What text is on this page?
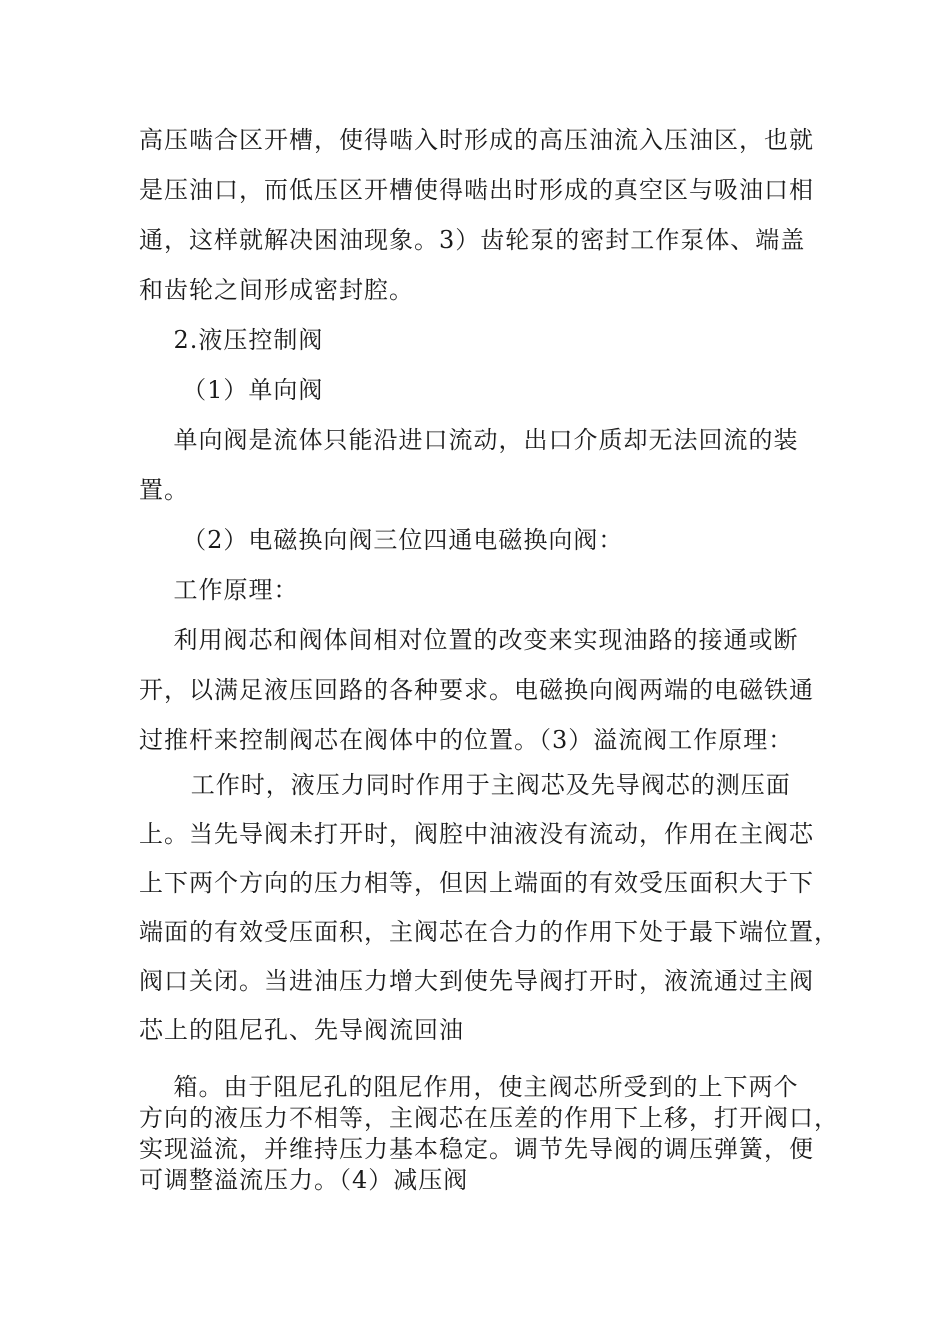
高压啮合区开槽，使得啮入时形成的高压油流入压油区，也就

是压油口，而低压区开槽使得啮出时形成的真空区与吸油口相

通，这样就解决困油现象。3）齿轮泵的密封工作泵体、端盖

和齿轮之间形成密封腔。

2.液压控制阀

（1）单向阀

单向阀是流体只能沿进口流动，出口介质却无法回流的装

置。

（2）电磁换向阀三位四通电磁换向阀：

工作原理：

利用阀芯和阀体间相对位置的改变来实现油路的接通或断

开，以满足液压回路的各种要求。电磁换向阀两端的电磁铁通

过推杆来控制阀芯在阀体中的位置。（3）溢流阀工作原理：

工作时，液压力同时作用于主阀芯及先导阀芯的测压面

上。当先导阀未打开时，阀腔中油液没有流动，作用在主阀芯

上下两个方向的压力相等，但因上端面的有效受压面积大于下

端面的有效受压面积，主阀芯在合力的作用下处于最下端位置，

阀口关闭。当进油压力增大到使先导阀打开时，液流通过主阀

芯上的阻尼孔、先导阀流回油

箱。由于阻尼孔的阻尼作用，使主阀芯所受到的上下两个

方向的液压力不相等，主阀芯在压差的作用下上移，打开阀口，

实现溢流，并维持压力基本稳定。调节先导阀的调压弹簧，便

可调整溢流压力。（4）减压阀
